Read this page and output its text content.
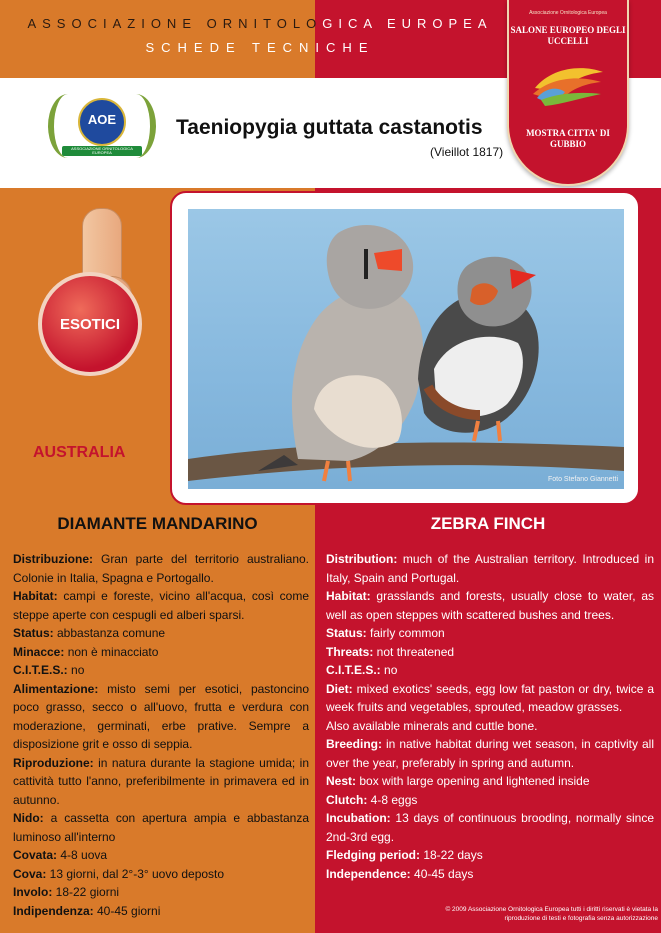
ASSOCIAZIONE ORNITOLOGICA EUROPEA
SCHEDE TECNICHE
AOE
ASSOCIAZIONE ORNITOLOGICA EUROPEA
Taeniopygia guttata castanotis
(Vieillot 1817)
Associazione Ornitologica Europea
SALONE EUROPEO DEGLI UCCELLI
MOSTRA CITTA' DI GUBBIO
ESOTICI
AUSTRALIA
Foto Stefano Giannetti
DIAMANTE MANDARINO	ZEBRA FINCH

Distribuzione: Gran parte del territorio australiano. Colonie in Italia, Spagna e Portogallo.

Habitat: campi e foreste, vicino all'acqua, così come steppe aperte con cespugli ed alberi sparsi.

Status: abbastanza comune

Minacce: non è minacciato

C.I.T.E.S.: no

Alimentazione: misto semi per esotici, pastoncino poco grasso, secco o all'uovo, frutta e verdura con moderazione, germinati, erbe prative. Sempre a disposizione grit e osso di seppia.

Riproduzione: in natura durante la stagione umida; in cattività tutto l'anno, preferibilmente in primavera ed in autunno.

Nido: a cassetta con apertura ampia e abbastanza luminoso all'interno

Covata: 4-8 uova

Cova: 13 giorni, dal 2°-3° uovo deposto

Involo: 18-22 giorni

Indipendenza: 40-45 giorni

Distribution: much of the Australian territory. Introduced in Italy, Spain and Portugal.

Habitat: grasslands and forests, usually close to water, as well as open steppes with scattered bushes and trees.

Status: fairly common

Threats: not threatened

C.I.T.E.S.: no

Diet: mixed exotics' seeds, egg low fat paston or dry, twice a week fruits and vegetables, sprouted, meadow grasses.

Also available minerals and cuttle bone.

Breeding: in native habitat during wet season, in captivity all over the year, preferably in spring and autumn.

Nest: box with large opening and lightened inside

Clutch: 4-8 eggs

Incubation: 13 days of continuous brooding, normally since 2nd-3rd egg.

Fledging period: 18-22 days

Independence: 40-45 days

© 2009 Associazione Ornitologica Europea tutti i diritti riservati è vietata la riproduzione di testi e fotografia senza autorizzazione
